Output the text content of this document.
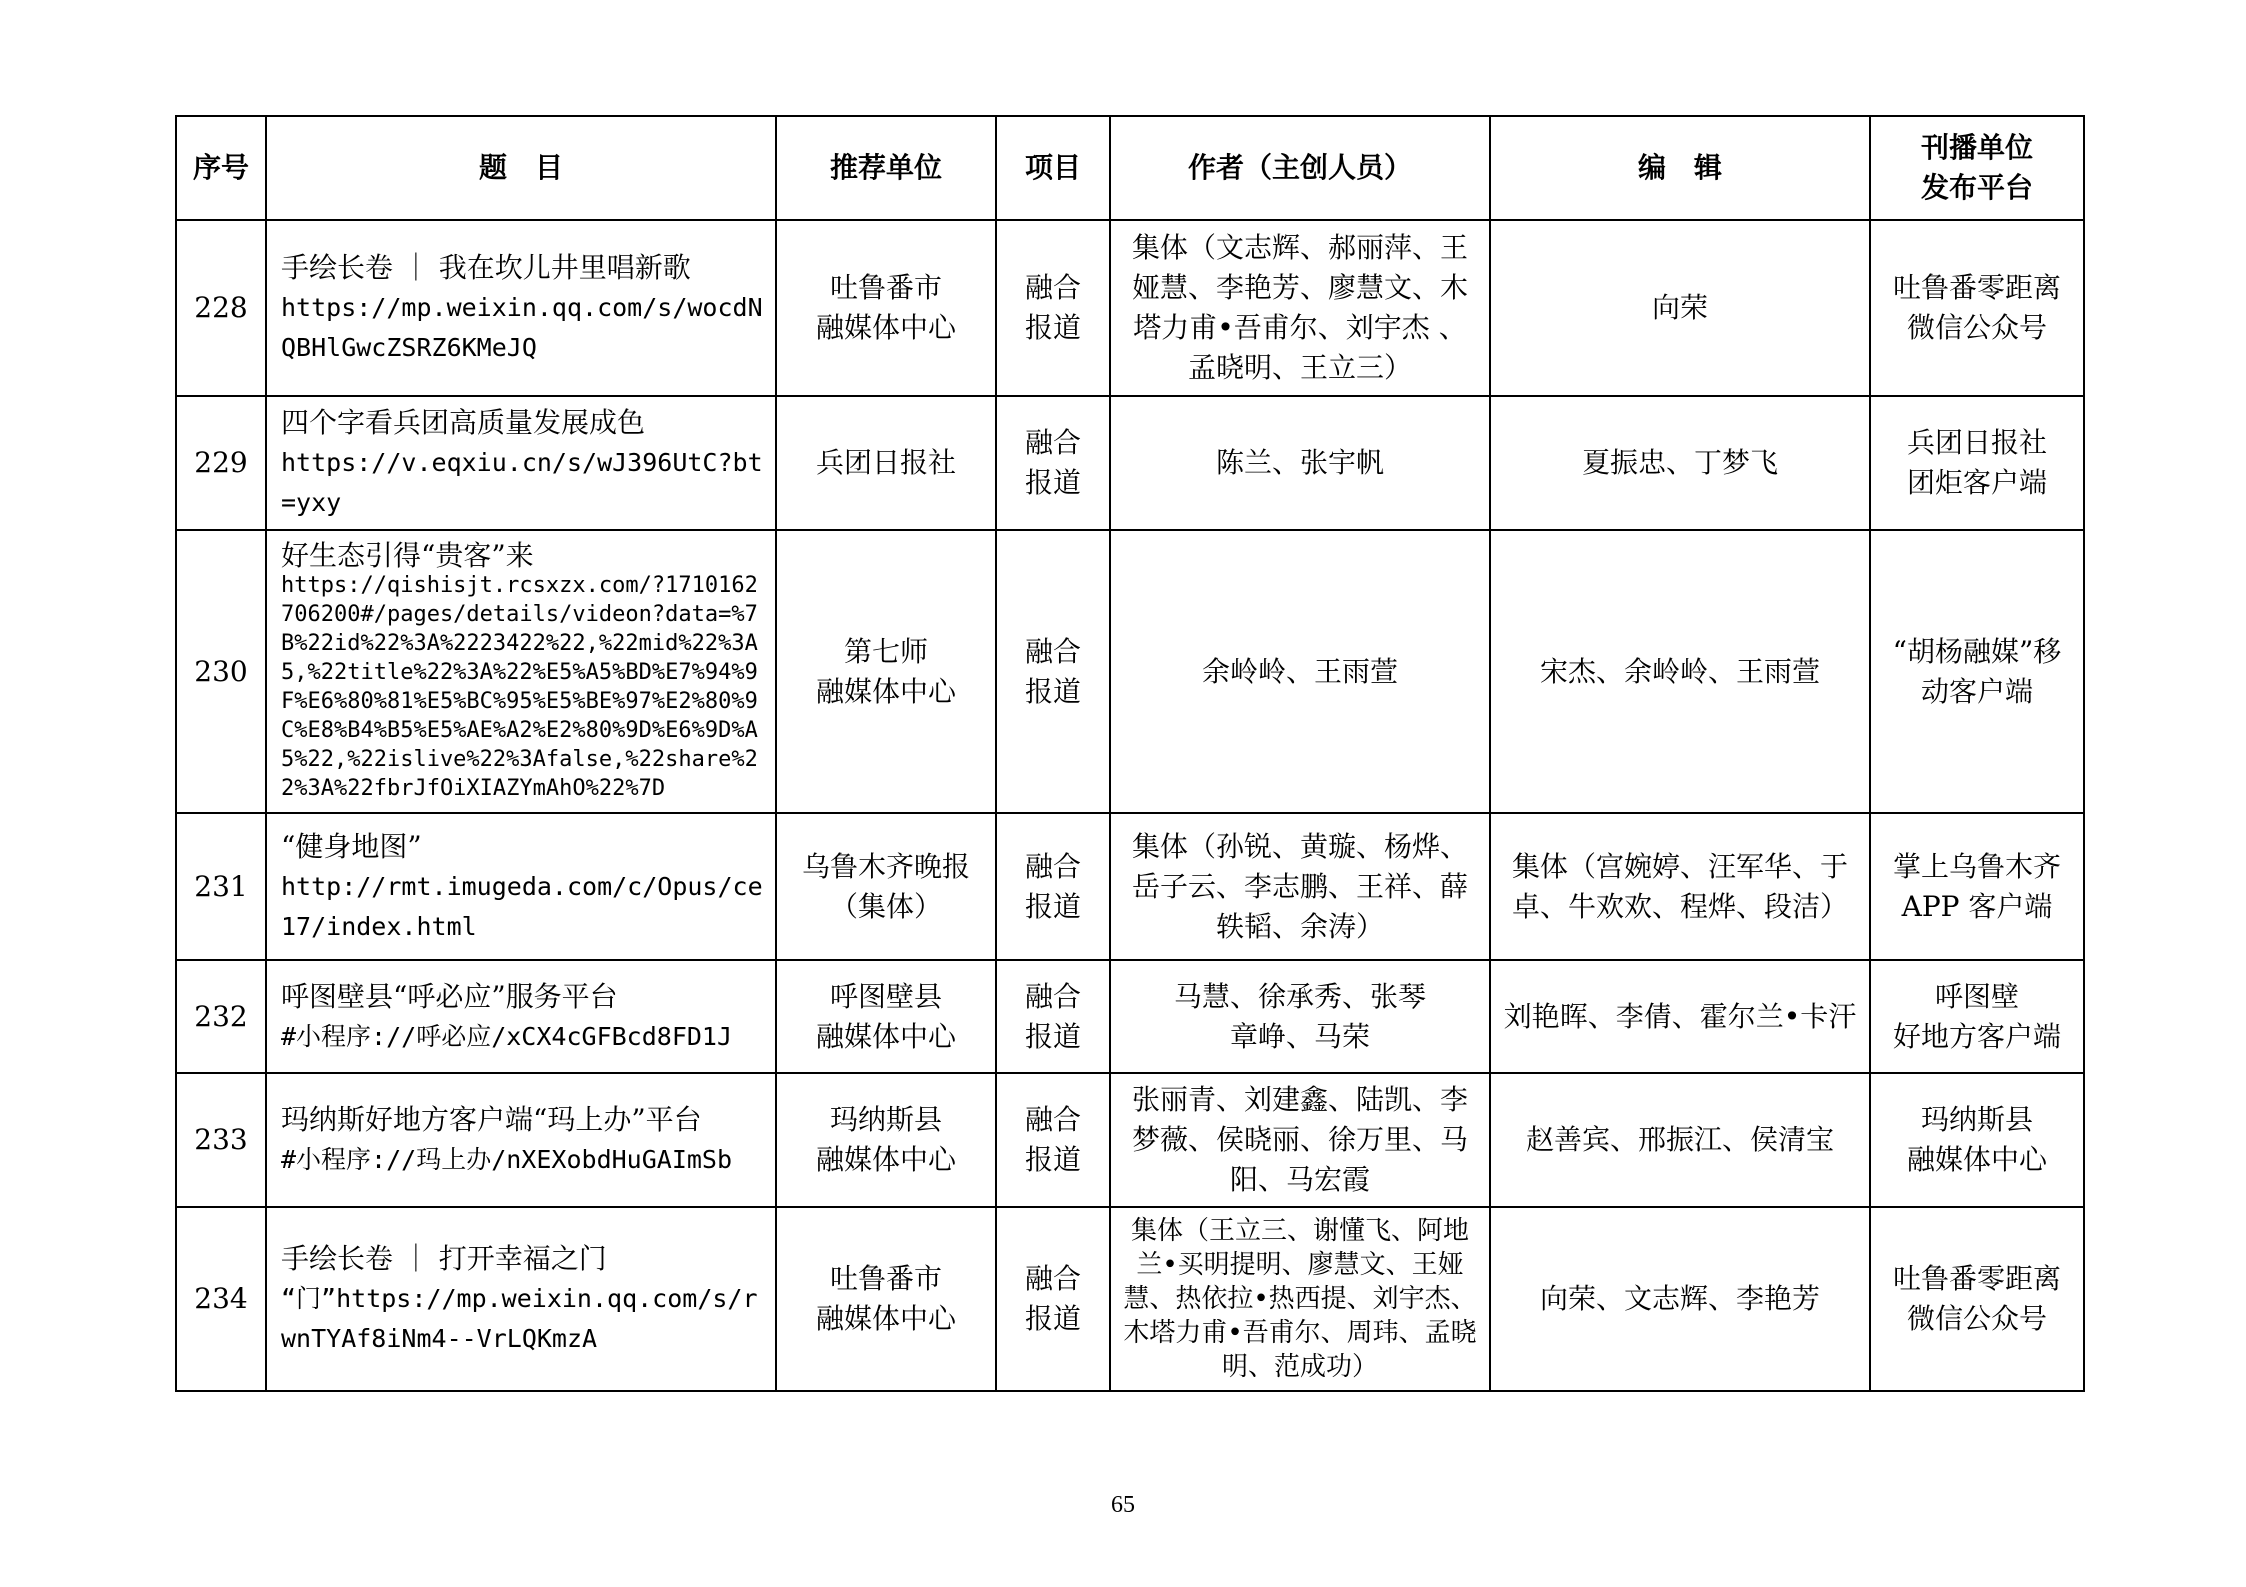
序号	题　目	推荐单位	项目	作者（主创人员）	编　辑	刊播单位
发布平台
228	手绘长卷 ｜ 我在坎儿井里唱新歌
https://mp.weixin.qq.com/s/wocdNQBHlGwcZSRZ6KMeJQ	吐鲁番市
融媒体中心	融合
报道	集体（文志辉、郝丽萍、王娅慧、李艳芳、廖慧文、木塔力甫•吾甫尔、刘宇杰 、孟晓明、王立三）	向荣	吐鲁番零距离微信公众号
229	四个字看兵团高质量发展成色
https://v.eqxiu.cn/s/wJ396UtC?bt=yxy	兵团日报社	融合
报道	陈兰、张宇帆	夏振忠、丁梦飞	兵团日报社
团炬客户端
230	好生态引得“贵客”来
https://qishisjt.rcsxzx.com/?1710162706200#/pages/details/videon?data=%7B%22id%22%3A%2223422%22,%22mid%22%3A5,%22title%22%3A%22%E5%A5%BD%E7%94%9F%E6%80%81%E5%BC%95%E5%BE%97%E2%80%9C%E8%B4%B5%E5%AE%A2%E2%80%9D%E6%9D%A5%22,%22islive%22%3Afalse,%22share%22%3A%22fbrJfOiXIAZYmAhO%22%7D	第七师
融媒体中心	融合
报道	余岭岭、王雨萱	宋杰、余岭岭、王雨萱	“胡杨融媒”移动客户端
231	“健身地图”
http://rmt.imugeda.com/c/Opus/ce17/index.html	乌鲁木齐晚报
（集体）	融合
报道	集体（孙锐、黄璇、杨烨、岳子云、李志鹏、王祥、薛轶韬、余涛）	集体（宫婉婷、汪军华、于卓、牛欢欢、程烨、段洁）	掌上乌鲁木齐
APP 客户端
232	呼图壁县“呼必应”服务平台
#小程序://呼必应/xCX4cGFBcd8FD1J	呼图壁县
融媒体中心	融合
报道	马慧、徐承秀、张琴
章峥、马荣	刘艳晖、李倩、霍尔兰•卡汗	呼图壁
好地方客户端
233	玛纳斯好地方客户端“玛上办”平台
#小程序://玛上办/nXEXobdHuGAImSb	玛纳斯县
融媒体中心	融合
报道	张丽青、刘建鑫、陆凯、李梦薇、侯晓丽、徐万里、马阳、马宏霞	赵善宾、邢振江、侯清宝	玛纳斯县
融媒体中心
234	手绘长卷 ｜ 打开幸福之门
“门”https://mp.weixin.qq.com/s/rwnTYAf8iNm4--VrLQKmzA	吐鲁番市
融媒体中心	融合
报道	集体（王立三、谢懂飞、阿地兰•买明提明、廖慧文、王娅慧、热依拉•热西提、刘宇杰、木塔力甫•吾甫尔、周玮、孟晓明、范成功）	向荣、文志辉、李艳芳	吐鲁番零距离微信公众号
65
